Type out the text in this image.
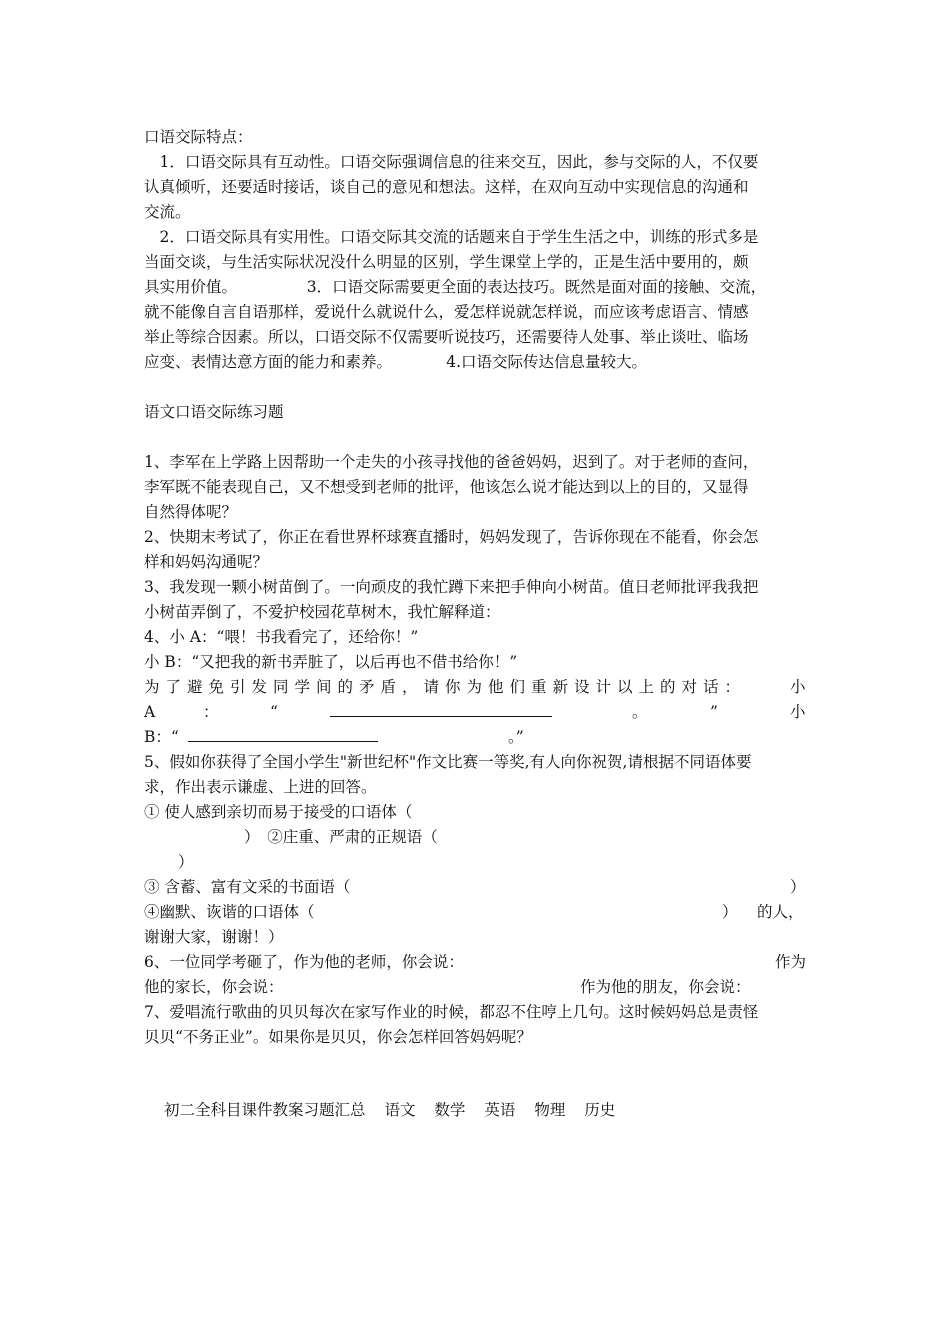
口语交际特点：
　1．口语交际具有互动性。口语交际强调信息的往来交互，因此，参与交际的人，不仅要
认真倾听，还要适时接话，谈自己的意见和想法。这样，在双向互动中实现信息的沟通和
交流。
　2．口语交际具有实用性。口语交际其交流的话题来自于学生生活之中，训练的形式多是
当面交谈，与生活实际状况没什么明显的区别，学生课堂上学的，正是生活中要用的，颇
具实用价值。　　　　　3．口语交际需要更全面的表达技巧。既然是面对面的接触、交流，
就不能像自言自语那样，爱说什么就说什么，爱怎样说就怎样说，而应该考虑语言、情感
举止等综合因素。所以，口语交际不仅需要听说技巧，还需要待人处事、举止谈吐、临场
应变、表情达意方面的能力和素养。　　　　4.口语交际传达信息量较大。
语文口语交际练习题
1、李军在上学路上因帮助一个走失的小孩寻找他的爸爸妈妈，迟到了。对于老师的查问，
李军既不能表现自己，又不想受到老师的批评，他该怎么说才能达到以上的目的，又显得
自然得体呢？
2、快期末考试了，你正在看世界杯球赛直播时，妈妈发现了，告诉你现在不能看，你会怎
样和妈妈沟通呢？
3、我发现一颗小树苗倒了。一向顽皮的我忙蹲下来把手伸向小树苗。值日老师批评我我把
小树苗弄倒了，不爱护校园花草树木，我忙解释道：
4、小 A：“喂！书我看完了，还给你！”
小 B：“又把我的新书弄脏了，以后再也不借书给你！”
为了避免引发同学间的矛盾，请你为他们重新设计以上的对话：	小
A	：	“	。	”	小
B：“	。”
5、假如你获得了全国小学生"新世纪杯"作文比赛一等奖,有人向你祝贺,请根据不同语体要
求，作出表示谦虚、上进的回答。
① 使人感到亲切而易于接受的口语体（
）　②庄重、严肃的正规语（
）
③ 含蓄、富有文采的书面语（	）
④幽默、诙谐的口语体（	） 的人，
谢谢大家，谢谢！）
6、一位同学考砸了，作为他的老师，你会说：	作为
他的家长，你会说：	作为他的朋友，你会说：
7、爱唱流行歌曲的贝贝每次在家写作业的时候，都忍不住哼上几句。这时候妈妈总是责怪
贝贝“不务正业”。如果你是贝贝，你会怎样回答妈妈呢？
初二全科目课件教案习题汇总 语文 数学 英语 物理 历史
